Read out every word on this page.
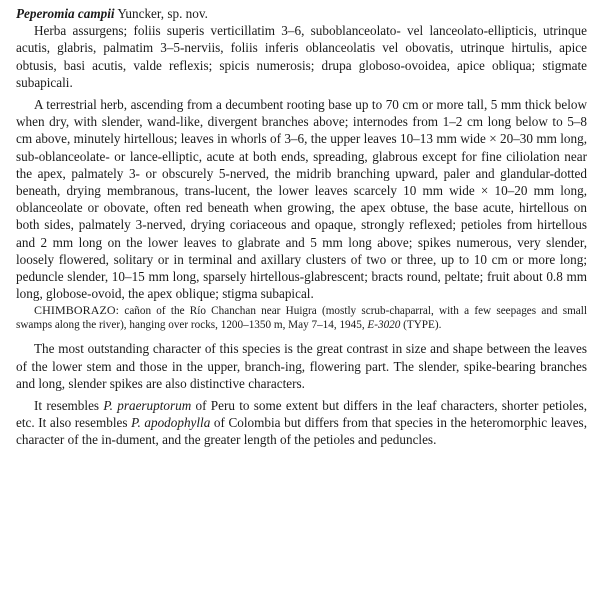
Peperomia campii Yuncker, sp. nov.

Herba assurgens; foliis superis verticillatim 3–6, suboblanceolato- vel lanceolato-ellipticis, utrinque acutis, glabris, palmatim 3–5-nerviis, foliis inferis oblanceolatis vel obovatis, utrinque hirtulis, apice obtusis, basi acutis, valde reflexis; spicis numerosis; drupa globoso-ovoidea, apice obliqua; stigmate subapicali.

A terrestrial herb, ascending from a decumbent rooting base up to 70 cm or more tall, 5 mm thick below when dry, with slender, wand-like, divergent branches above; internodes from 1–2 cm long below to 5–8 cm above, minutely hirtellous; leaves in whorls of 3–6, the upper leaves 10–13 mm wide × 20–30 mm long, sub-oblanceolate- or lance-elliptic, acute at both ends, spreading, glabrous except for fine ciliolation near the apex, palmately 3- or obscurely 5-nerved, the midrib branching upward, paler and glandular-dotted beneath, drying membranous, trans-lucent, the lower leaves scarcely 10 mm wide × 10–20 mm long, oblanceolate or obovate, often red beneath when growing, the apex obtuse, the base acute, hirtellous on both sides, palmately 3-nerved, drying coriaceous and opaque, strongly reflexed; petioles from hirtellous and 2 mm long on the lower leaves to glabrate and 5 mm long above; spikes numerous, very slender, loosely flowered, solitary or in terminal and axillary clusters of two or three, up to 10 cm or more long; peduncle slender, 10–15 mm long, sparsely hirtellous-glabrescent; bracts round, peltate; fruit about 0.8 mm long, globose-ovoid, the apex oblique; stigma subapical.

CHIMBORAZO: cañon of the Río Chanchan near Huigra (mostly scrub-chaparral, with a few seepages and small swamps along the river), hanging over rocks, 1200–1350 m, May 7–14, 1945, E-3020 (TYPE).

The most outstanding character of this species is the great contrast in size and shape between the leaves of the lower stem and those in the upper, branch-ing, flowering part. The slender, spike-bearing branches and long, slender spikes are also distinctive characters.

It resembles P. praeruptorum of Peru to some extent but differs in the leaf characters, shorter petioles, etc. It also resembles P. apodophylla of Colombia but differs from that species in the heteromorphic leaves, character of the in-dument, and the greater length of the petioles and peduncles.
